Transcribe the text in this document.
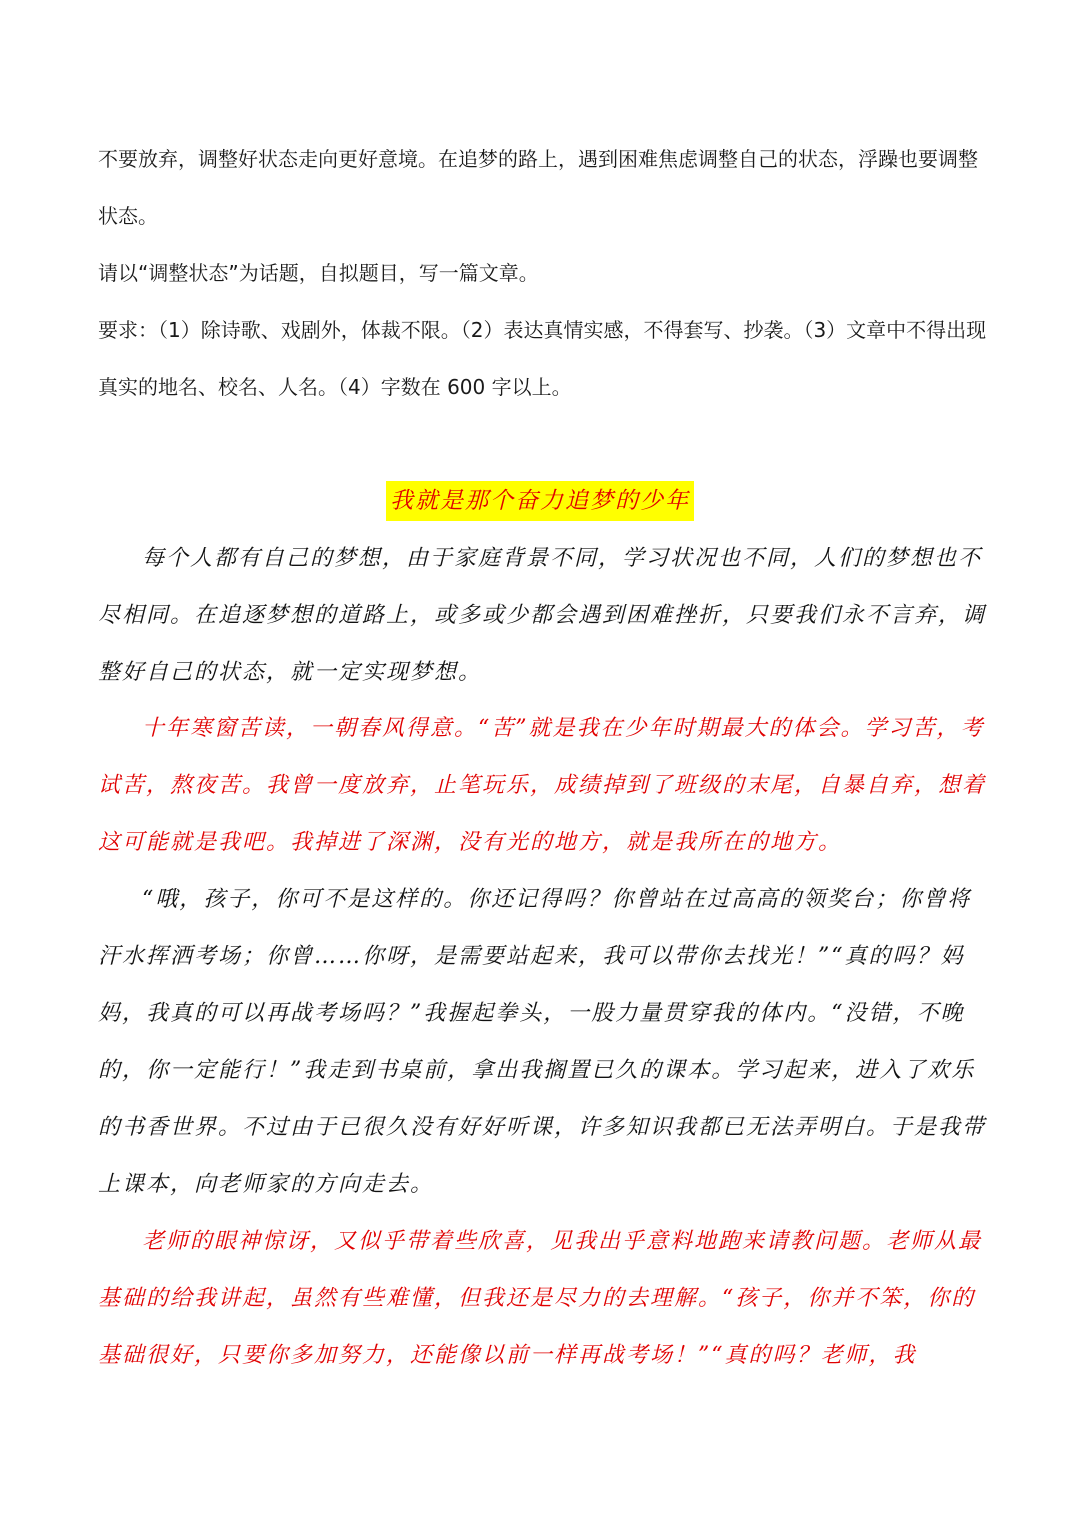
不要放弃，调整好状态走向更好意境。在追梦的路上，遇到困难焦虑调整自己的状态，浮躁也要调整状态。

请以“调整状态”为话题，自拟题目，写一篇文章。

要求：（1）除诗歌、戏剧外，体裁不限。（2）表达真情实感，不得套写、抄袭。（3）文章中不得出现真实的地名、校名、人名。（4）字数在 600 字以上。

我就是那个奋力追梦的少年

每个人都有自己的梦想，由于家庭背景不同，学习状况也不同，人们的梦想也不尽相同。在追逐梦想的道路上，或多或少都会遇到困难挫折，只要我们永不言弃，调整好自己的状态，就一定实现梦想。

十年寒窗苦读，一朝春风得意。“苦”就是我在少年时期最大的体会。学习苦，考试苦，熬夜苦。我曾一度放弃，止笔玩乐，成绩掉到了班级的末尾，自暴自弃，想着这可能就是我吧。我掉进了深渊，没有光的地方，就是我所在的地方。

“哦，孩子，你可不是这样的。你还记得吗？你曾站在过高高的领奖台；你曾将汗水挥洒考场；你曾……你呀，是需要站起来，我可以带你去找光！”“真的吗？妈妈，我真的可以再战考场吗？”我握起拳头，一股力量贯穿我的体内。“没错，不晚的，你一定能行！”我走到书桌前，拿出我搁置已久的课本。学习起来，进入了欢乐的书香世界。不过由于已很久没有好好听课，许多知识我都已无法弄明白。于是我带上课本，向老师家的方向走去。

老师的眼神惊讶，又似乎带着些欣喜，见我出乎意料地跑来请教问题。老师从最基础的给我讲起，虽然有些难懂，但我还是尽力的去理解。“孩子，你并不笨，你的基础很好，只要你多加努力，还能像以前一样再战考场！”“真的吗？老师，我
